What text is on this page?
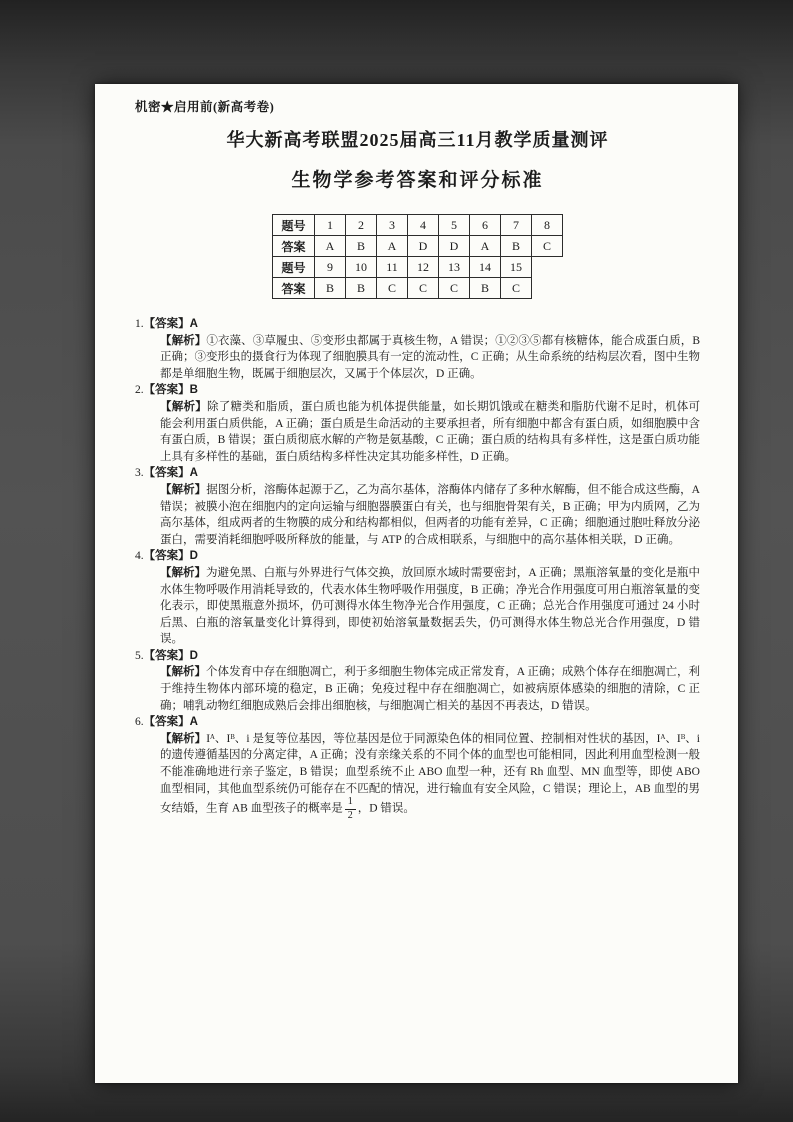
机密★启用前(新高考卷)
华大新高考联盟2025届高三11月教学质量测评
生物学参考答案和评分标准
题号	1	2	3	4	5	6	7	8
答案	A	B	A	D	D	A	B	C
题号	9	10	11	12	13	14	15	
答案	B	B	C	C	C	B	C	
1.【答案】A
【解析】①衣藻、③草履虫、⑤变形虫都属于真核生物，A 错误；①②③⑤都有核糖体，能合成蛋白质，B 正确；③变形虫的摄食行为体现了细胞膜具有一定的流动性，C 正确；从生命系统的结构层次看，图中生物都是单细胞生物，既属于细胞层次，又属于个体层次，D 正确。
2.【答案】B
【解析】除了糖类和脂质，蛋白质也能为机体提供能量，如长期饥饿或在糖类和脂肪代谢不足时，机体可能会利用蛋白质供能，A 正确；蛋白质是生命活动的主要承担者，所有细胞中都含有蛋白质，如细胞膜中含有蛋白质，B 错误；蛋白质彻底水解的产物是氨基酸，C 正确；蛋白质的结构具有多样性，这是蛋白质功能上具有多样性的基础，蛋白质结构多样性决定其功能多样性，D 正确。
3.【答案】A
【解析】据图分析，溶酶体起源于乙，乙为高尔基体，溶酶体内储存了多种水解酶，但不能合成这些酶，A 错误；被膜小泡在细胞内的定向运输与细胞器膜蛋白有关，也与细胞骨架有关，B 正确；甲为内质网，乙为高尔基体，组成两者的生物膜的成分和结构都相似，但两者的功能有差异，C 正确；细胞通过胞吐释放分泌蛋白，需要消耗细胞呼吸所释放的能量，与 ATP 的合成相联系，与细胞中的高尔基体相关联，D 正确。
4.【答案】D
【解析】为避免黑、白瓶与外界进行气体交换，放回原水域时需要密封，A 正确；黑瓶溶氧量的变化是瓶中水体生物呼吸作用消耗导致的，代表水体生物呼吸作用强度，B 正确；净光合作用强度可用白瓶溶氧量的变化表示，即使黑瓶意外损坏，仍可测得水体生物净光合作用强度，C 正确；总光合作用强度可通过 24 小时后黑、白瓶的溶氧量变化计算得到，即使初始溶氧量数据丢失，仍可测得水体生物总光合作用强度，D 错误。
5.【答案】D
【解析】个体发育中存在细胞凋亡，利于多细胞生物体完成正常发育，A 正确；成熟个体存在细胞凋亡，利于维持生物体内部环境的稳定，B 正确；免疫过程中存在细胞凋亡，如被病原体感染的细胞的清除，C 正确；哺乳动物红细胞成熟后会排出细胞核，与细胞凋亡相关的基因不再表达，D 错误。
6.【答案】A
【解析】Iᴬ、Iᴮ、i 是复等位基因，等位基因是位于同源染色体的相同位置、控制相对性状的基因，Iᴬ、Iᴮ、i 的遗传遵循基因的分离定律，A 正确；没有亲缘关系的不同个体的血型也可能相同，因此利用血型检测一般不能准确地进行亲子鉴定，B 错误；血型系统不止 ABO 血型一种，还有 Rh 血型、MN 血型等，即使 ABO 血型相同，其他血型系统仍可能存在不匹配的情况，进行输血有安全风险，C 错误；理论上，AB 血型的男女结婚，生育 AB 血型孩子的概率是 $\frac{1}{2}$ ，D 错误。
